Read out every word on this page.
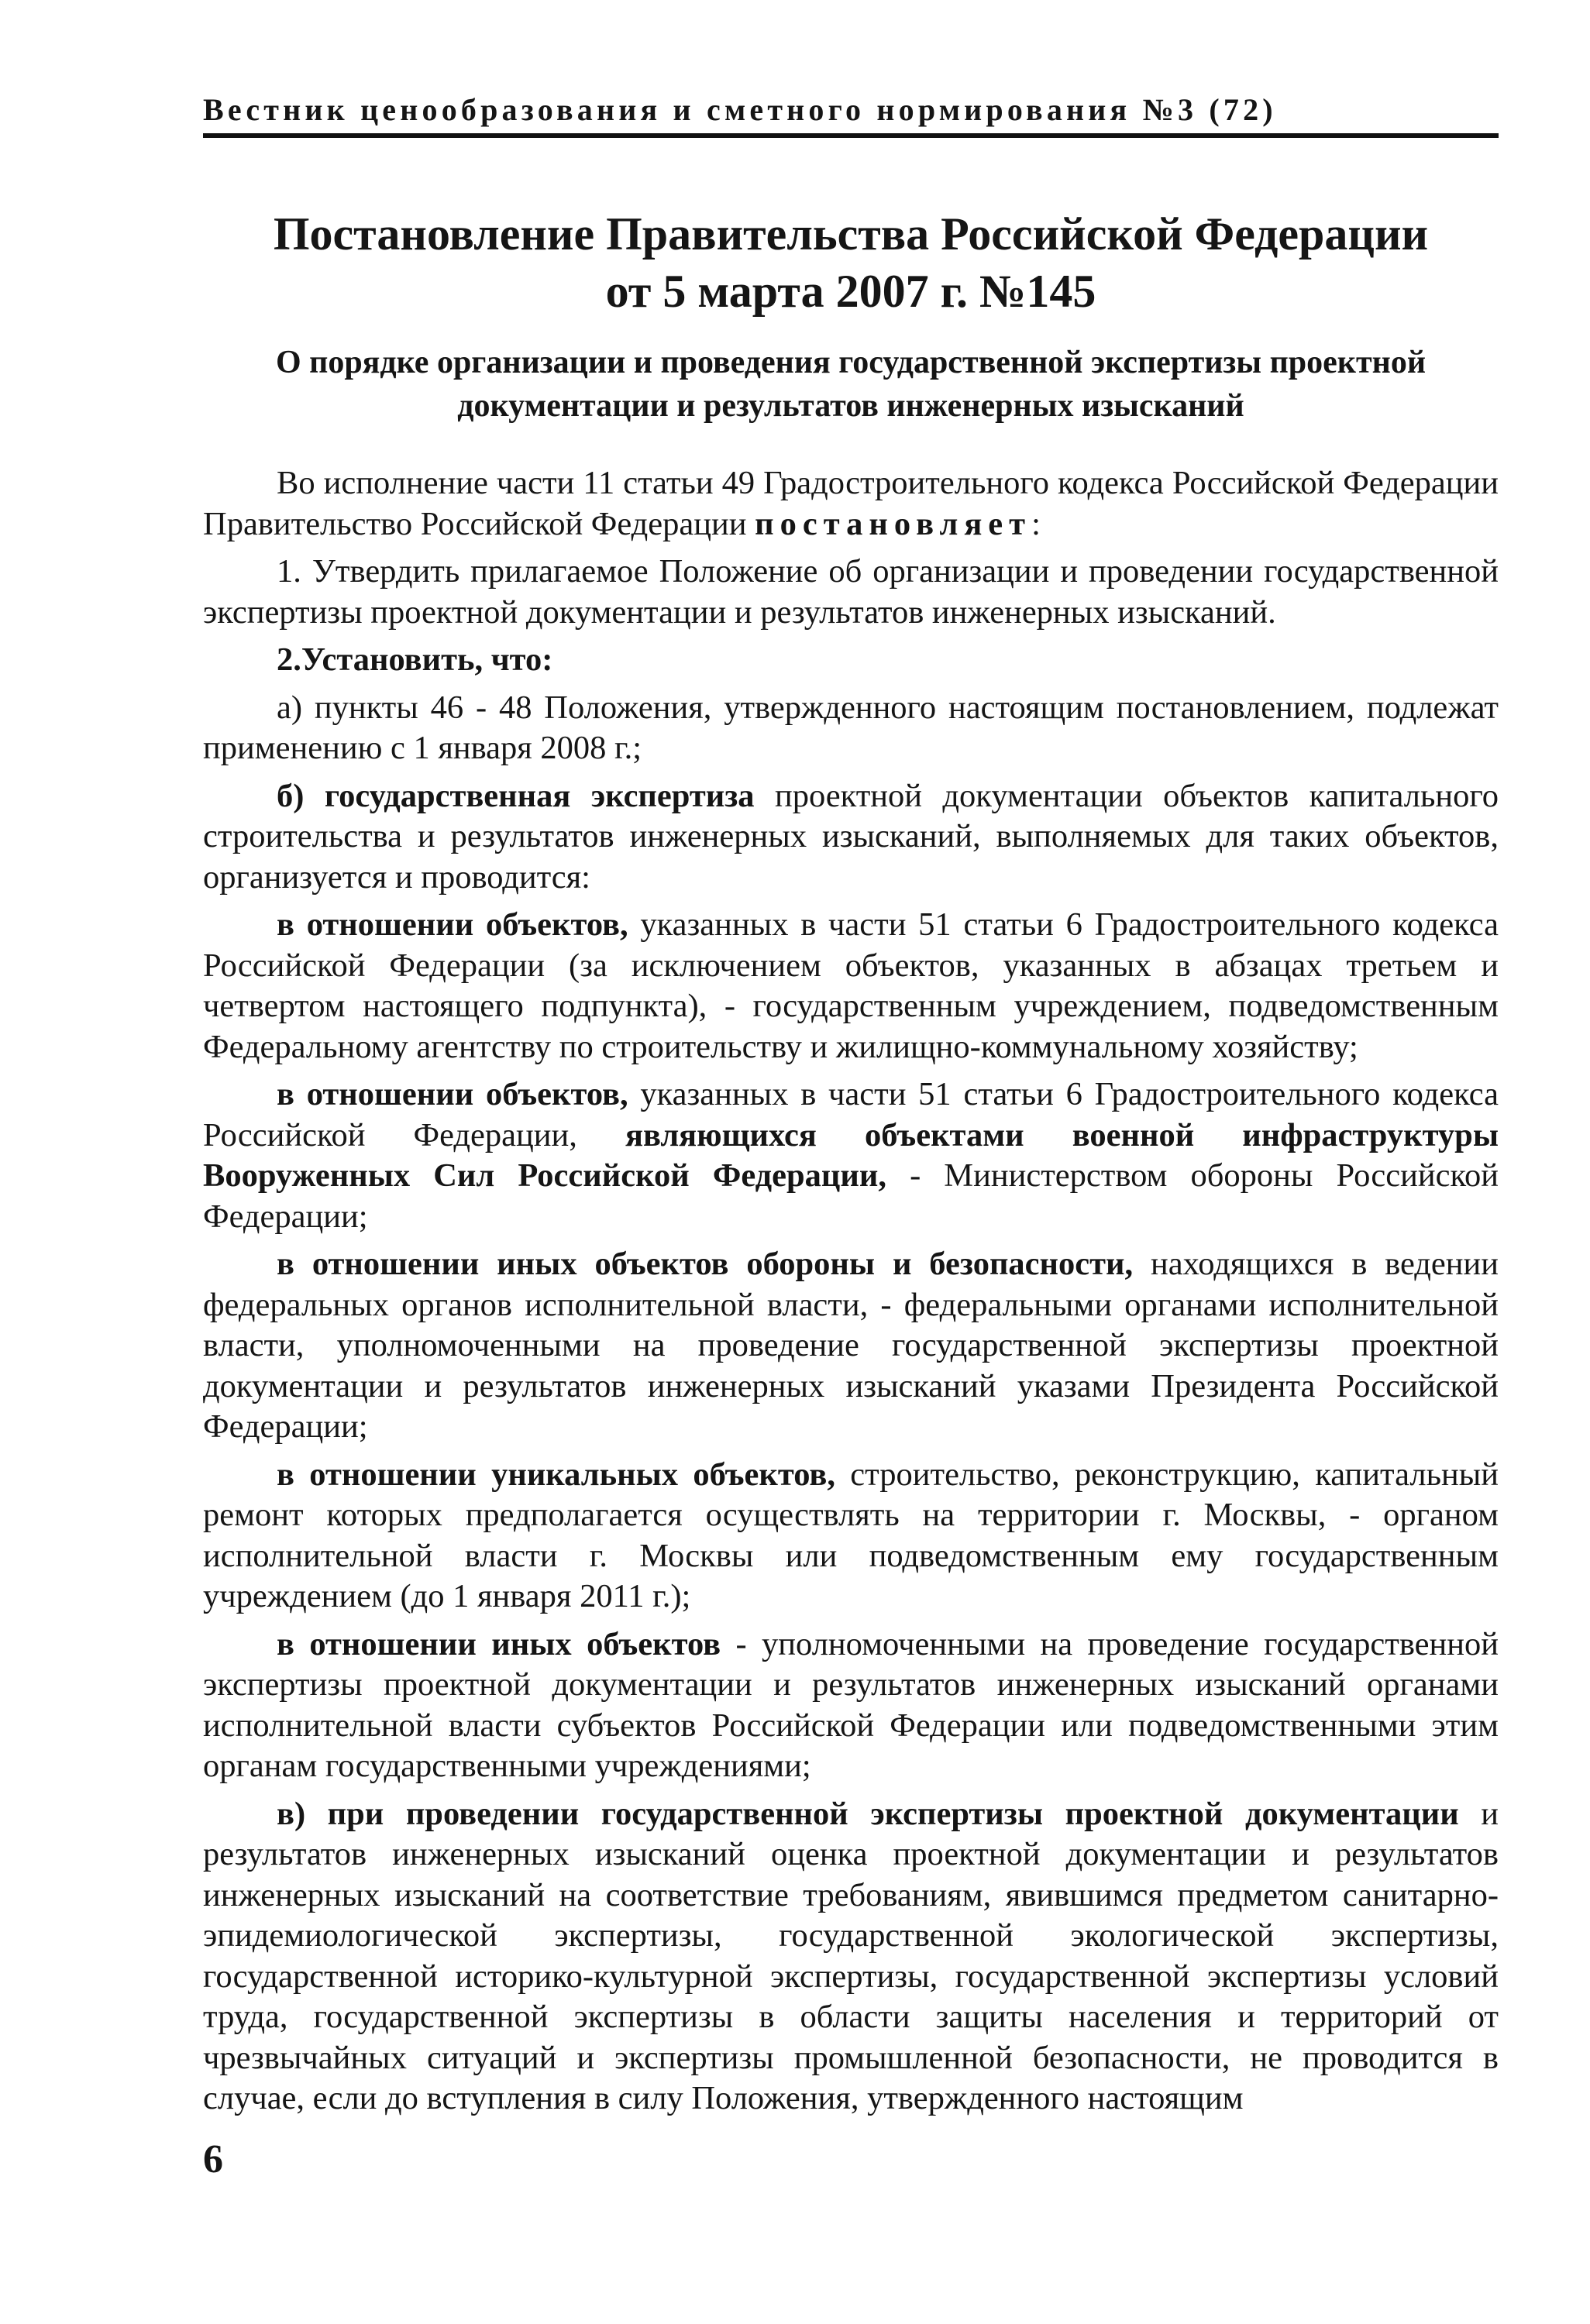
Вестник ценообразования и сметного нормирования №3 (72)
Постановление Правительства Российской Федерации
от 5 марта 2007 г. №145
О порядке организации и проведения государственной экспертизы проектной
документации и результатов инженерных изысканий

Во исполнение части 11 статьи 49 Градостроительного кодекса Российской Федерации Правительство Российской Федерации постановляет:

1. Утвердить прилагаемое Положение об организации и проведении государственной экспертизы проектной документации и результатов инженерных изысканий.

2.Установить, что:

а) пункты 46 - 48 Положения, утвержденного настоящим постановлением, подлежат применению с 1 января 2008 г.;

б) государственная экспертиза проектной документации объектов капитального строительства и результатов инженерных изысканий, выполняемых для таких объектов, организуется и проводится:

в отношении объектов, указанных в части 51 статьи 6 Градостроительного кодекса Российской Федерации (за исключением объектов, указанных в абзацах третьем и четвертом настоящего подпункта), - государственным учреждением, подведомственным Федеральному агентству по строительству и жилищно-коммунальному хозяйству;

в отношении объектов, указанных в части 51 статьи 6 Градостроительного кодекса Российской Федерации, являющихся объектами военной инфраструктуры Вооруженных Сил Российской Федерации, - Министерством обороны Российской Федерации;

в отношении иных объектов обороны и безопасности, находящихся в ведении федеральных органов исполнительной власти, - федеральными органами исполнительной власти, уполномоченными на проведение государственной экспертизы проектной документации и результатов инженерных изысканий указами Президента Российской Федерации;

в отношении уникальных объектов, строительство, реконструкцию, капитальный ремонт которых предполагается осуществлять на территории г. Москвы, - органом исполнительной власти г. Москвы или подведомственным ему государственным учреждением (до 1 января 2011 г.);

в отношении иных объектов - уполномоченными на проведение государственной экспертизы проектной документации и результатов инженерных изысканий органами исполнительной власти субъектов Российской Федерации или подведомственными этим органам государственными учреждениями;

в) при проведении государственной экспертизы проектной документации и результатов инженерных изысканий оценка проектной документации и результатов инженерных изысканий на соответствие требованиям, явившимся предметом санитарно-эпидемиологической экспертизы, государственной экологической экспертизы, государственной историко-культурной экспертизы, государственной экспертизы условий труда, государственной экспертизы в области защиты населения и территорий от чрезвычайных ситуаций и экспертизы промышленной безопасности, не проводится в случае, если до вступления в силу Положения, утвержденного настоящим

6
